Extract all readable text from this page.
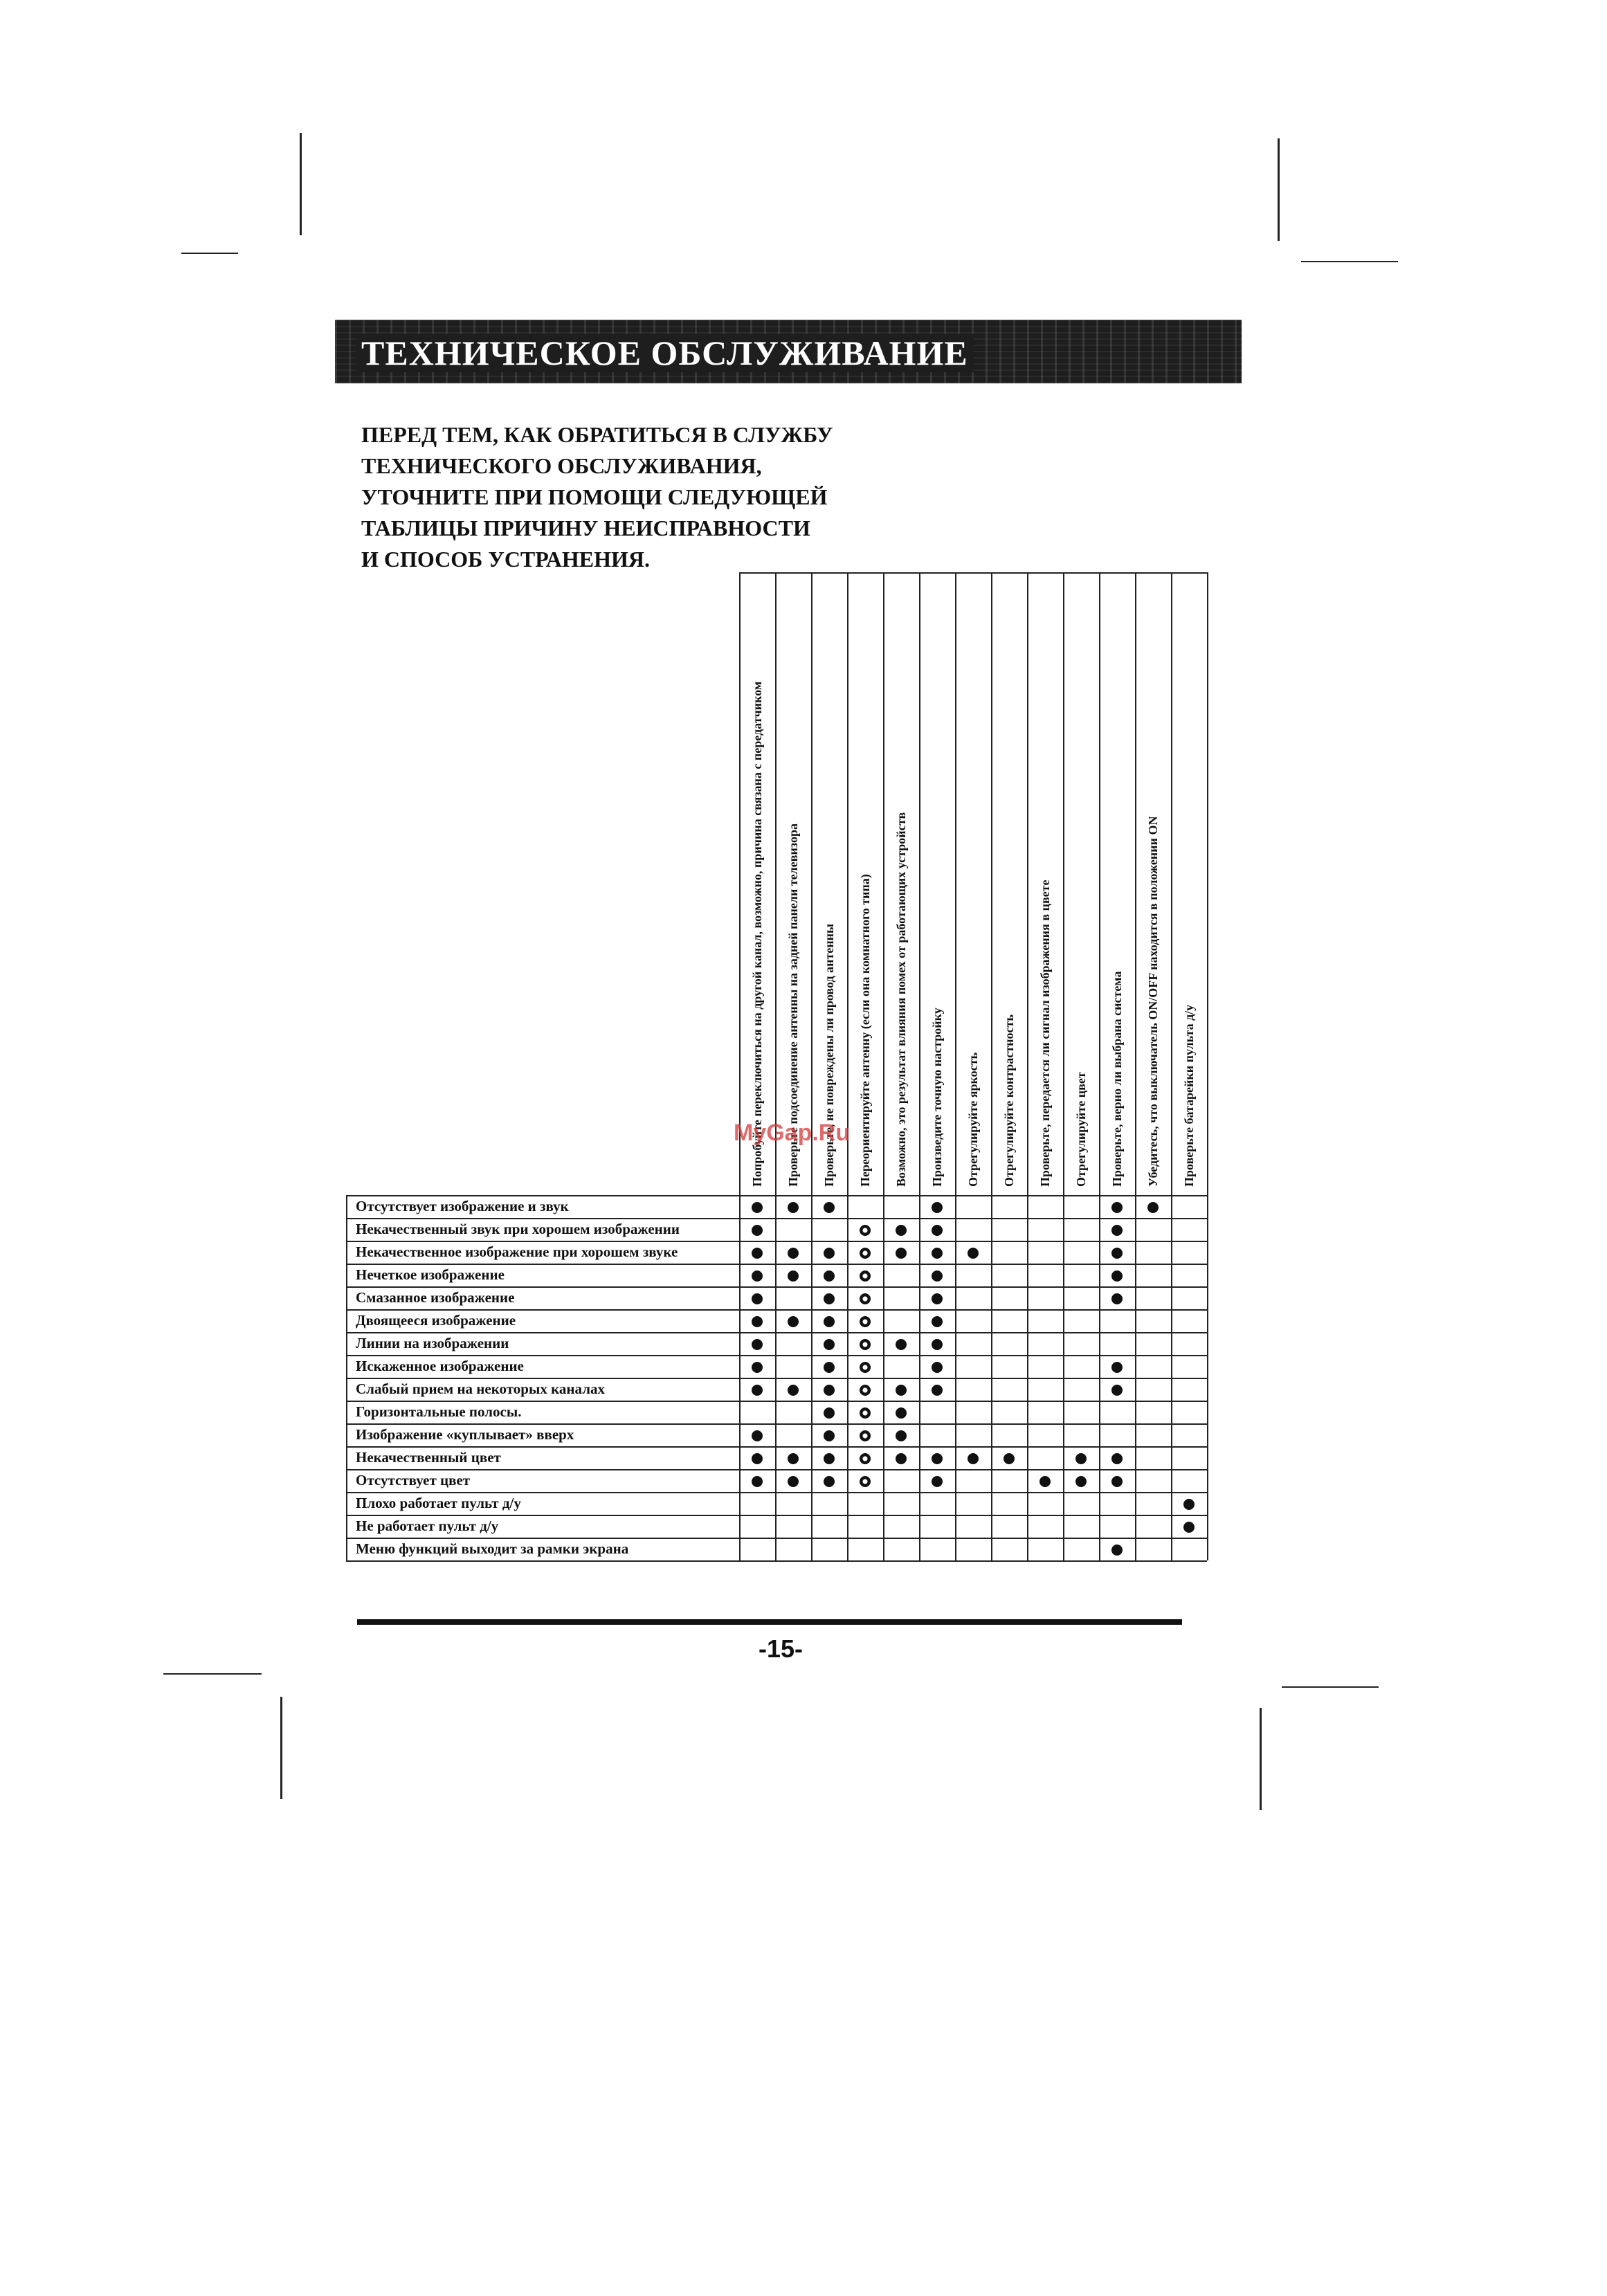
ТЕХНИЧЕСКОЕ ОБСЛУЖИВАНИЕ
ПЕРЕД ТЕМ, КАК ОБРАТИТЬСЯ В СЛУЖБУ
ТЕХНИЧЕСКОГО ОБСЛУЖИВАНИЯ,
УТОЧНИТЕ ПРИ ПОМОЩИ СЛЕДУЮЩЕЙ
ТАБЛИЦЫ ПРИЧИНУ НЕИСПРАВНОСТИ
И СПОСОБ УСТРАНЕНИЯ.
Попробуйте переключиться на другой канал, возможно, причина связана с передатчиком Проверьте подсоединение антенны на задней панели телевизора Проверьте, не повреждены ли провод антенны Переориентируйте антенну (если она комнатного типа) Возможно, это результат влияния помех от работающих устройств Произведите точную настройку Отрегулируйте яркость Отрегулируйте контрастность Проверьте, передается ли сигнал изображения в цвете Отрегулируйте цвет Проверьте, верно ли выбрана система Убедитесь, что выключатель ON/OFF находится в положении ON Проверьте батарейки пульта д/у
Отсутствует изображение и звук
Некачественный звук при хорошем изображении
Некачественное изображение при хорошем звуке
Нечеткое изображение
Смазанное изображение
Двоящееся изображение
Линии на изображении
Искаженное изображение
Слабый прием на некоторых каналах
Горизонтальные полосы.
Изображение «куплывает» вверх
Некачественный цвет
Отсутствует цвет
Плохо работает пульт д/у
Не работает пульт д/у
Меню функций выходит за рамки экрана
MyGap.Ru
-15-
